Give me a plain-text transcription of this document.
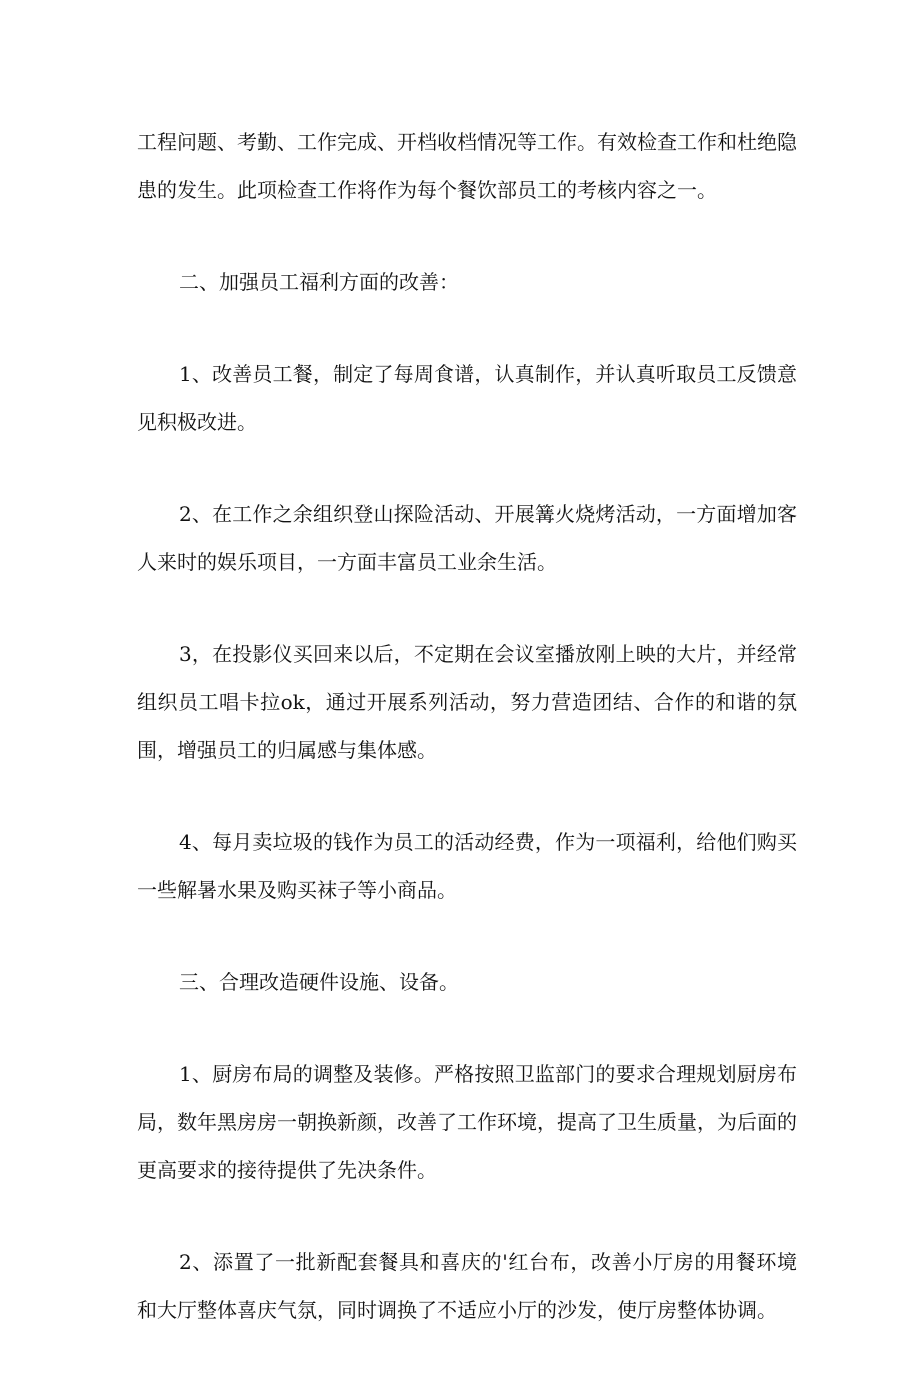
工程问题、考勤、工作完成、开档收档情况等工作。有效检查工作和杜绝隐患的发生。此项检查工作将作为每个餐饮部员工的考核内容之一。

二、加强员工福利方面的改善：

1、改善员工餐，制定了每周食谱，认真制作，并认真听取员工反馈意见积极改进。

2、在工作之余组织登山探险活动、开展篝火烧烤活动，一方面增加客人来时的娱乐项目，一方面丰富员工业余生活。

3，在投影仪买回来以后，不定期在会议室播放刚上映的大片，并经常组织员工唱卡拉ok，通过开展系列活动，努力营造团结、合作的和谐的氛围，增强员工的归属感与集体感。

4、每月卖垃圾的钱作为员工的活动经费，作为一项福利，给他们购买一些解暑水果及购买袜子等小商品。

三、合理改造硬件设施、设备。

1、厨房布局的调整及装修。严格按照卫监部门的要求合理规划厨房布局，数年黑房房一朝换新颜，改善了工作环境，提高了卫生质量，为后面的更高要求的接待提供了先决条件。

2、添置了一批新配套餐具和喜庆的'红台布，改善小厅房的用餐环境和大厅整体喜庆气氛，同时调换了不适应小厅的沙发，使厅房整体协调。
